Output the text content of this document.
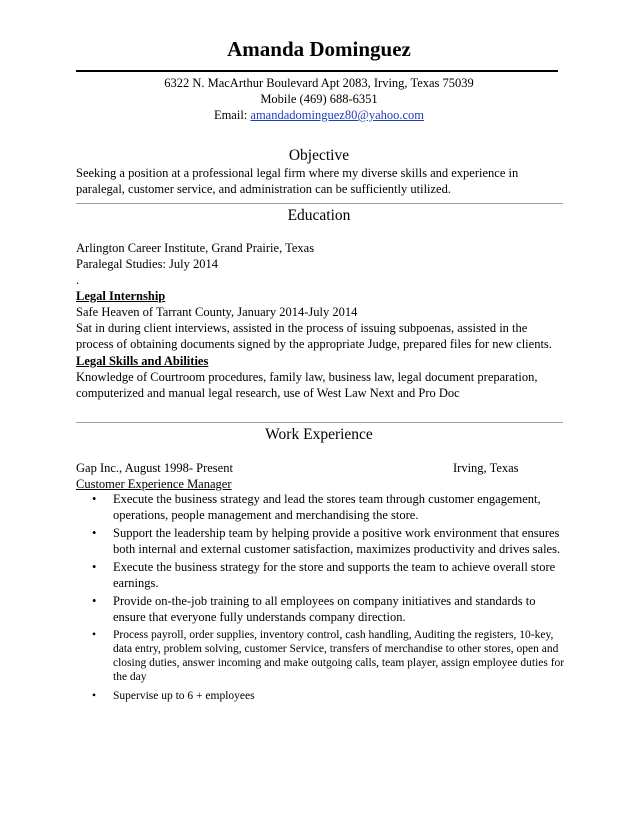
Amanda Dominguez
6322 N. MacArthur Boulevard Apt 2083, Irving, Texas 75039
Mobile (469) 688-6351
Email: amandadominguez80@yahoo.com
Objective
Seeking a position at a professional legal firm where my diverse skills and experience in paralegal, customer service, and administration can be sufficiently utilized.
Education
Arlington Career Institute, Grand Prairie, Texas
Paralegal Studies: July 2014
.
Legal Internship
Safe Heaven of Tarrant County, January 2014-July 2014
Sat in during client interviews, assisted in the process of issuing subpoenas, assisted in the process of obtaining documents signed by the appropriate Judge, prepared files for new clients.
Legal Skills and Abilities
Knowledge of Courtroom procedures, family law, business law, legal document preparation, computerized and manual legal research, use of West Law Next and Pro Doc
Work Experience
Gap Inc., August 1998- Present	Irving, Texas
Customer Experience Manager
• Execute the business strategy and lead the stores team through customer engagement, operations, people management and merchandising the store.
• Support the leadership team by helping provide a positive work environment that ensures both internal and external customer satisfaction, maximizes productivity and drives sales.
• Execute the business strategy for the store and supports the team to achieve overall store earnings.
• Provide on-the-job training to all employees on company initiatives and standards to ensure that everyone fully understands company direction.
• Process payroll, order supplies, inventory control, cash handling, Auditing the registers, 10-key, data entry, problem solving, customer Service, transfers of merchandise to other stores, open and closing duties, answer incoming and make outgoing calls, team player, assign employee duties for the day
• Supervise up to 6 + employees
